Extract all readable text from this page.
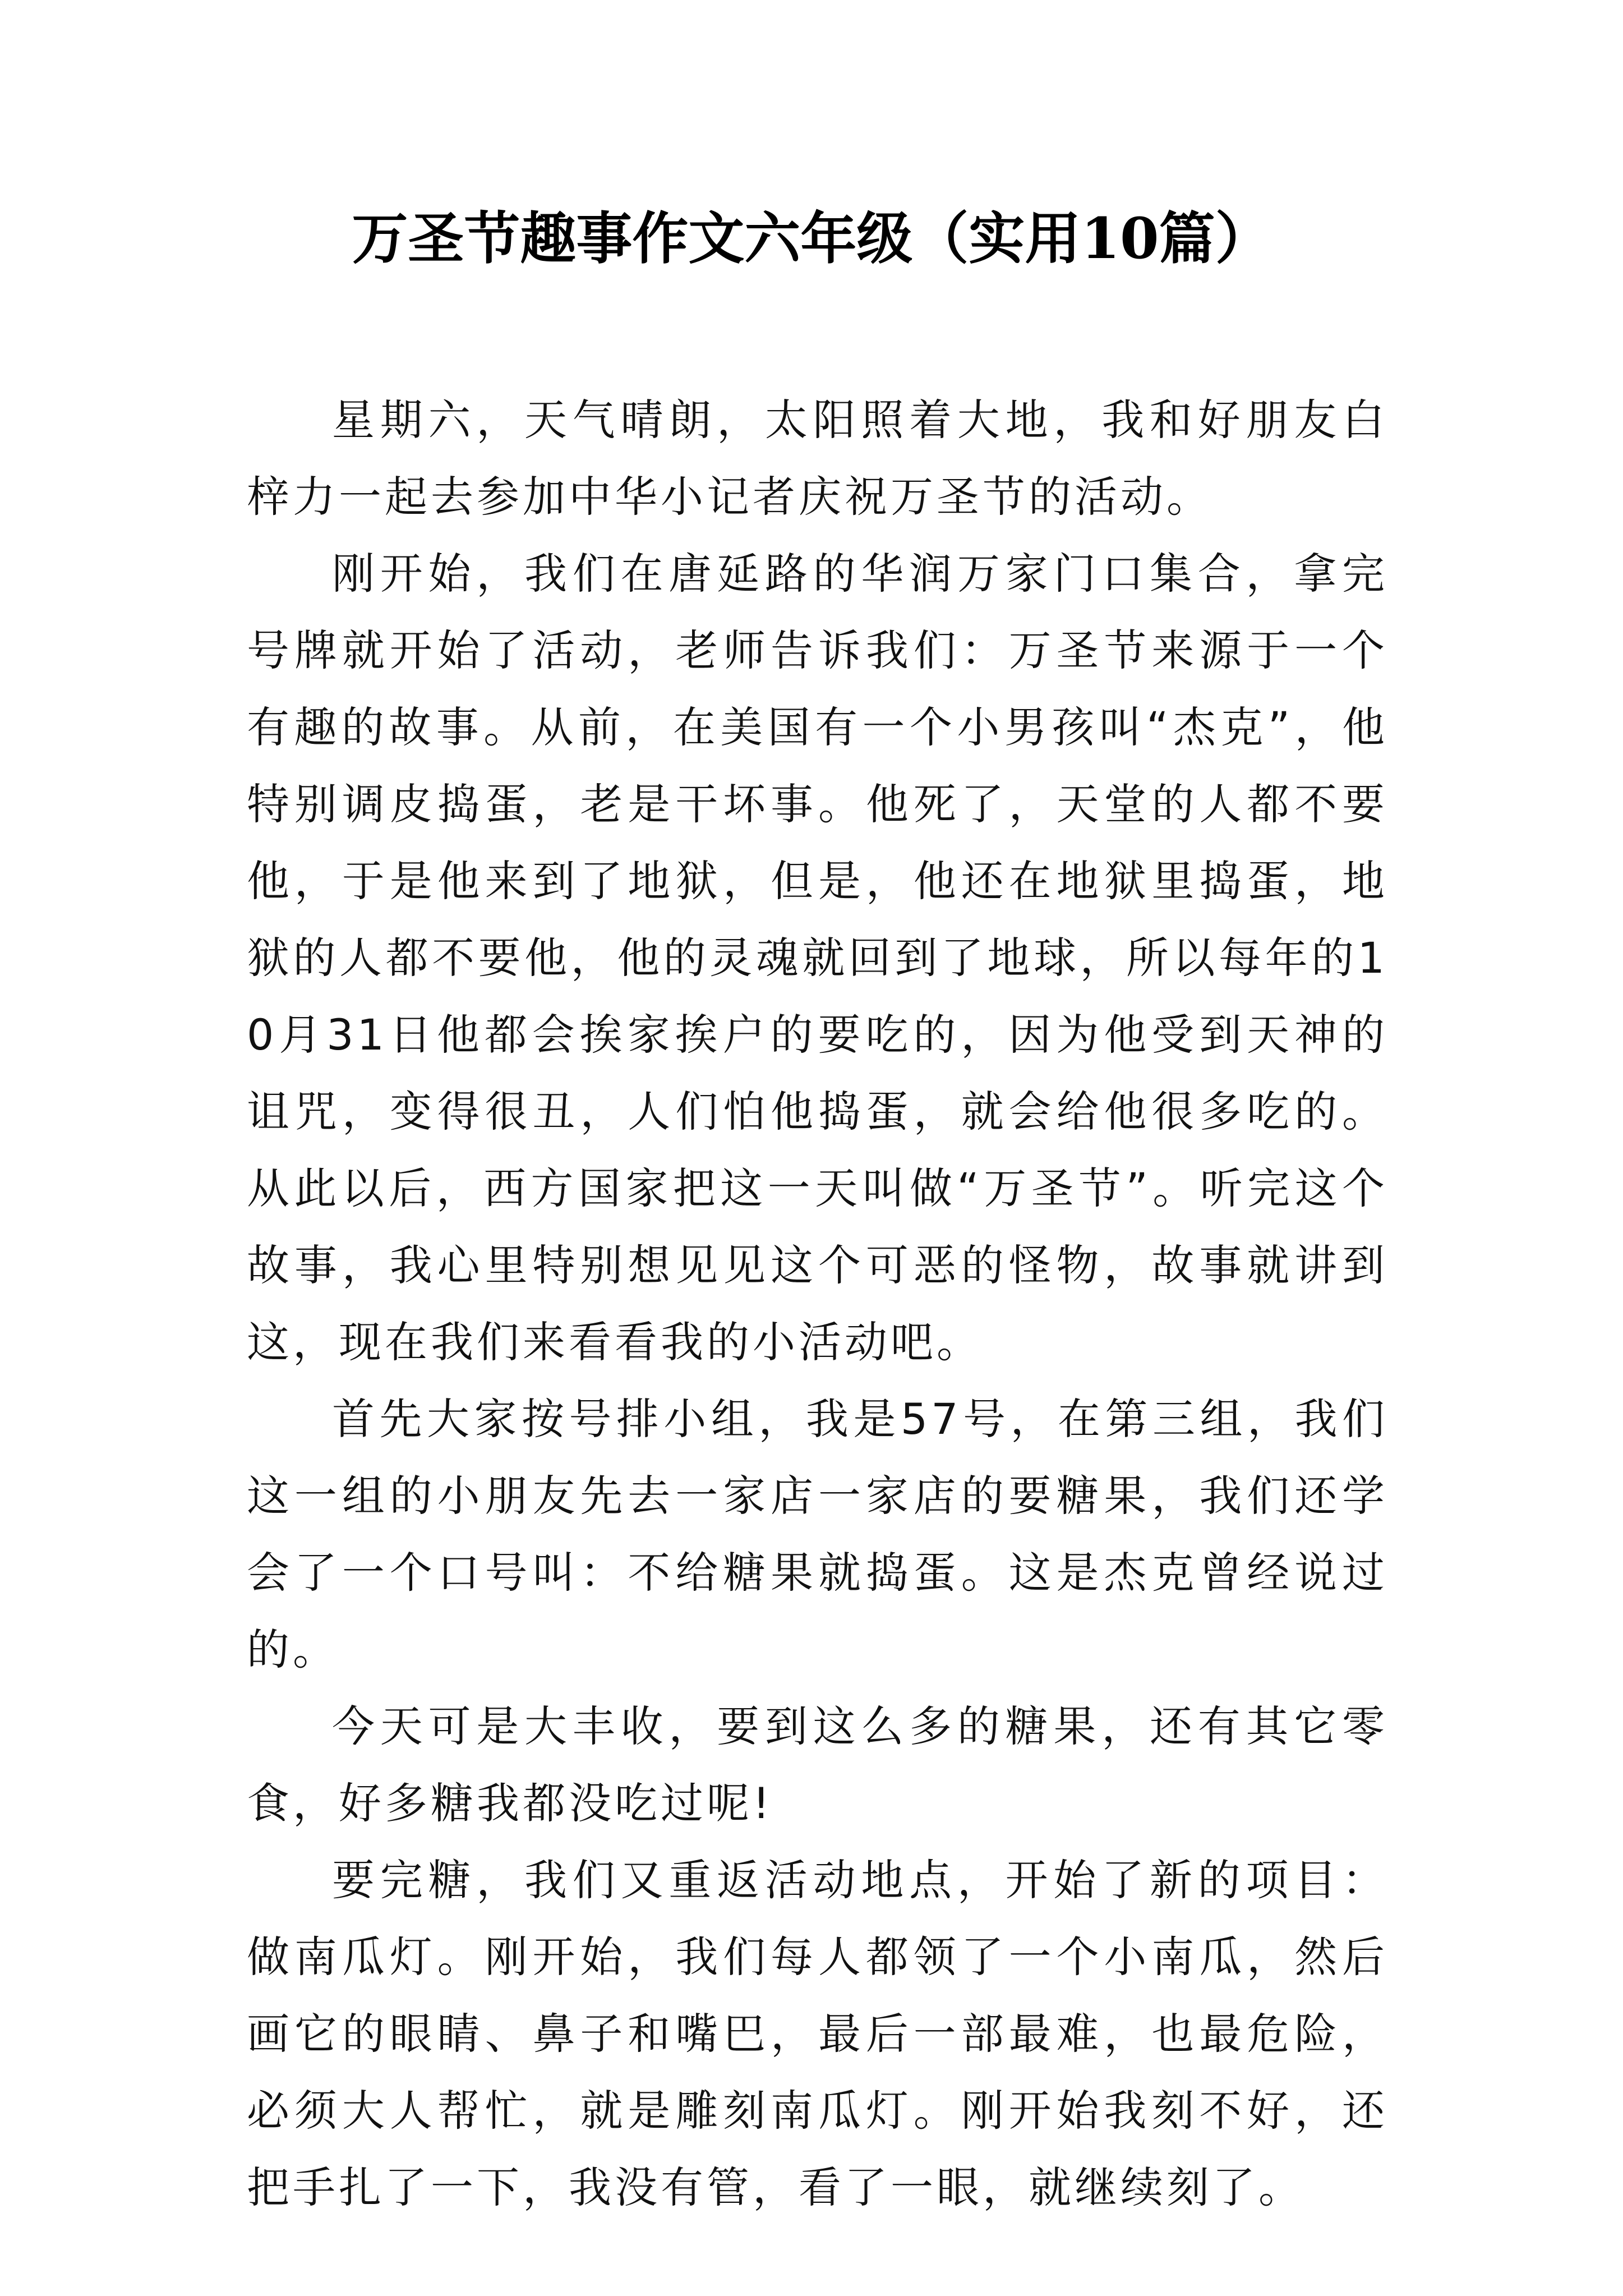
万圣节趣事作文六年级（实用10篇）

星期六，天气晴朗，太阳照着大地，我和好朋友白梓力一起去参加中华小记者庆祝万圣节的活动。

刚开始，我们在唐延路的华润万家门口集合，拿完号牌就开始了活动，老师告诉我们：万圣节来源于一个有趣的故事。从前，在美国有一个小男孩叫“杰克”，他特别调皮捣蛋，老是干坏事。他死了，天堂的人都不要他，于是他来到了地狱，但是，他还在地狱里捣蛋，地狱的人都不要他，他的灵魂就回到了地球，所以每年的10月31日他都会挨家挨户的要吃的，因为他受到天神的诅咒，变得很丑，人们怕他捣蛋，就会给他很多吃的。从此以后，西方国家把这一天叫做“万圣节”。听完这个故事，我心里特别想见见这个可恶的怪物，故事就讲到这，现在我们来看看我的小活动吧。

首先大家按号排小组，我是57号，在第三组，我们这一组的小朋友先去一家店一家店的要糖果，我们还学会了一个口号叫：不给糖果就捣蛋。这是杰克曾经说过的。

今天可是大丰收，要到这么多的糖果，还有其它零食，好多糖我都没吃过呢!

要完糖，我们又重返活动地点，开始了新的项目：做南瓜灯。刚开始，我们每人都领了一个小南瓜，然后画它的眼睛、鼻子和嘴巴，最后一部最难，也最危险，必须大人帮忙，就是雕刻南瓜灯。刚开始我刻不好，还把手扎了一下，我没有管，看了一眼，就继续刻了。
